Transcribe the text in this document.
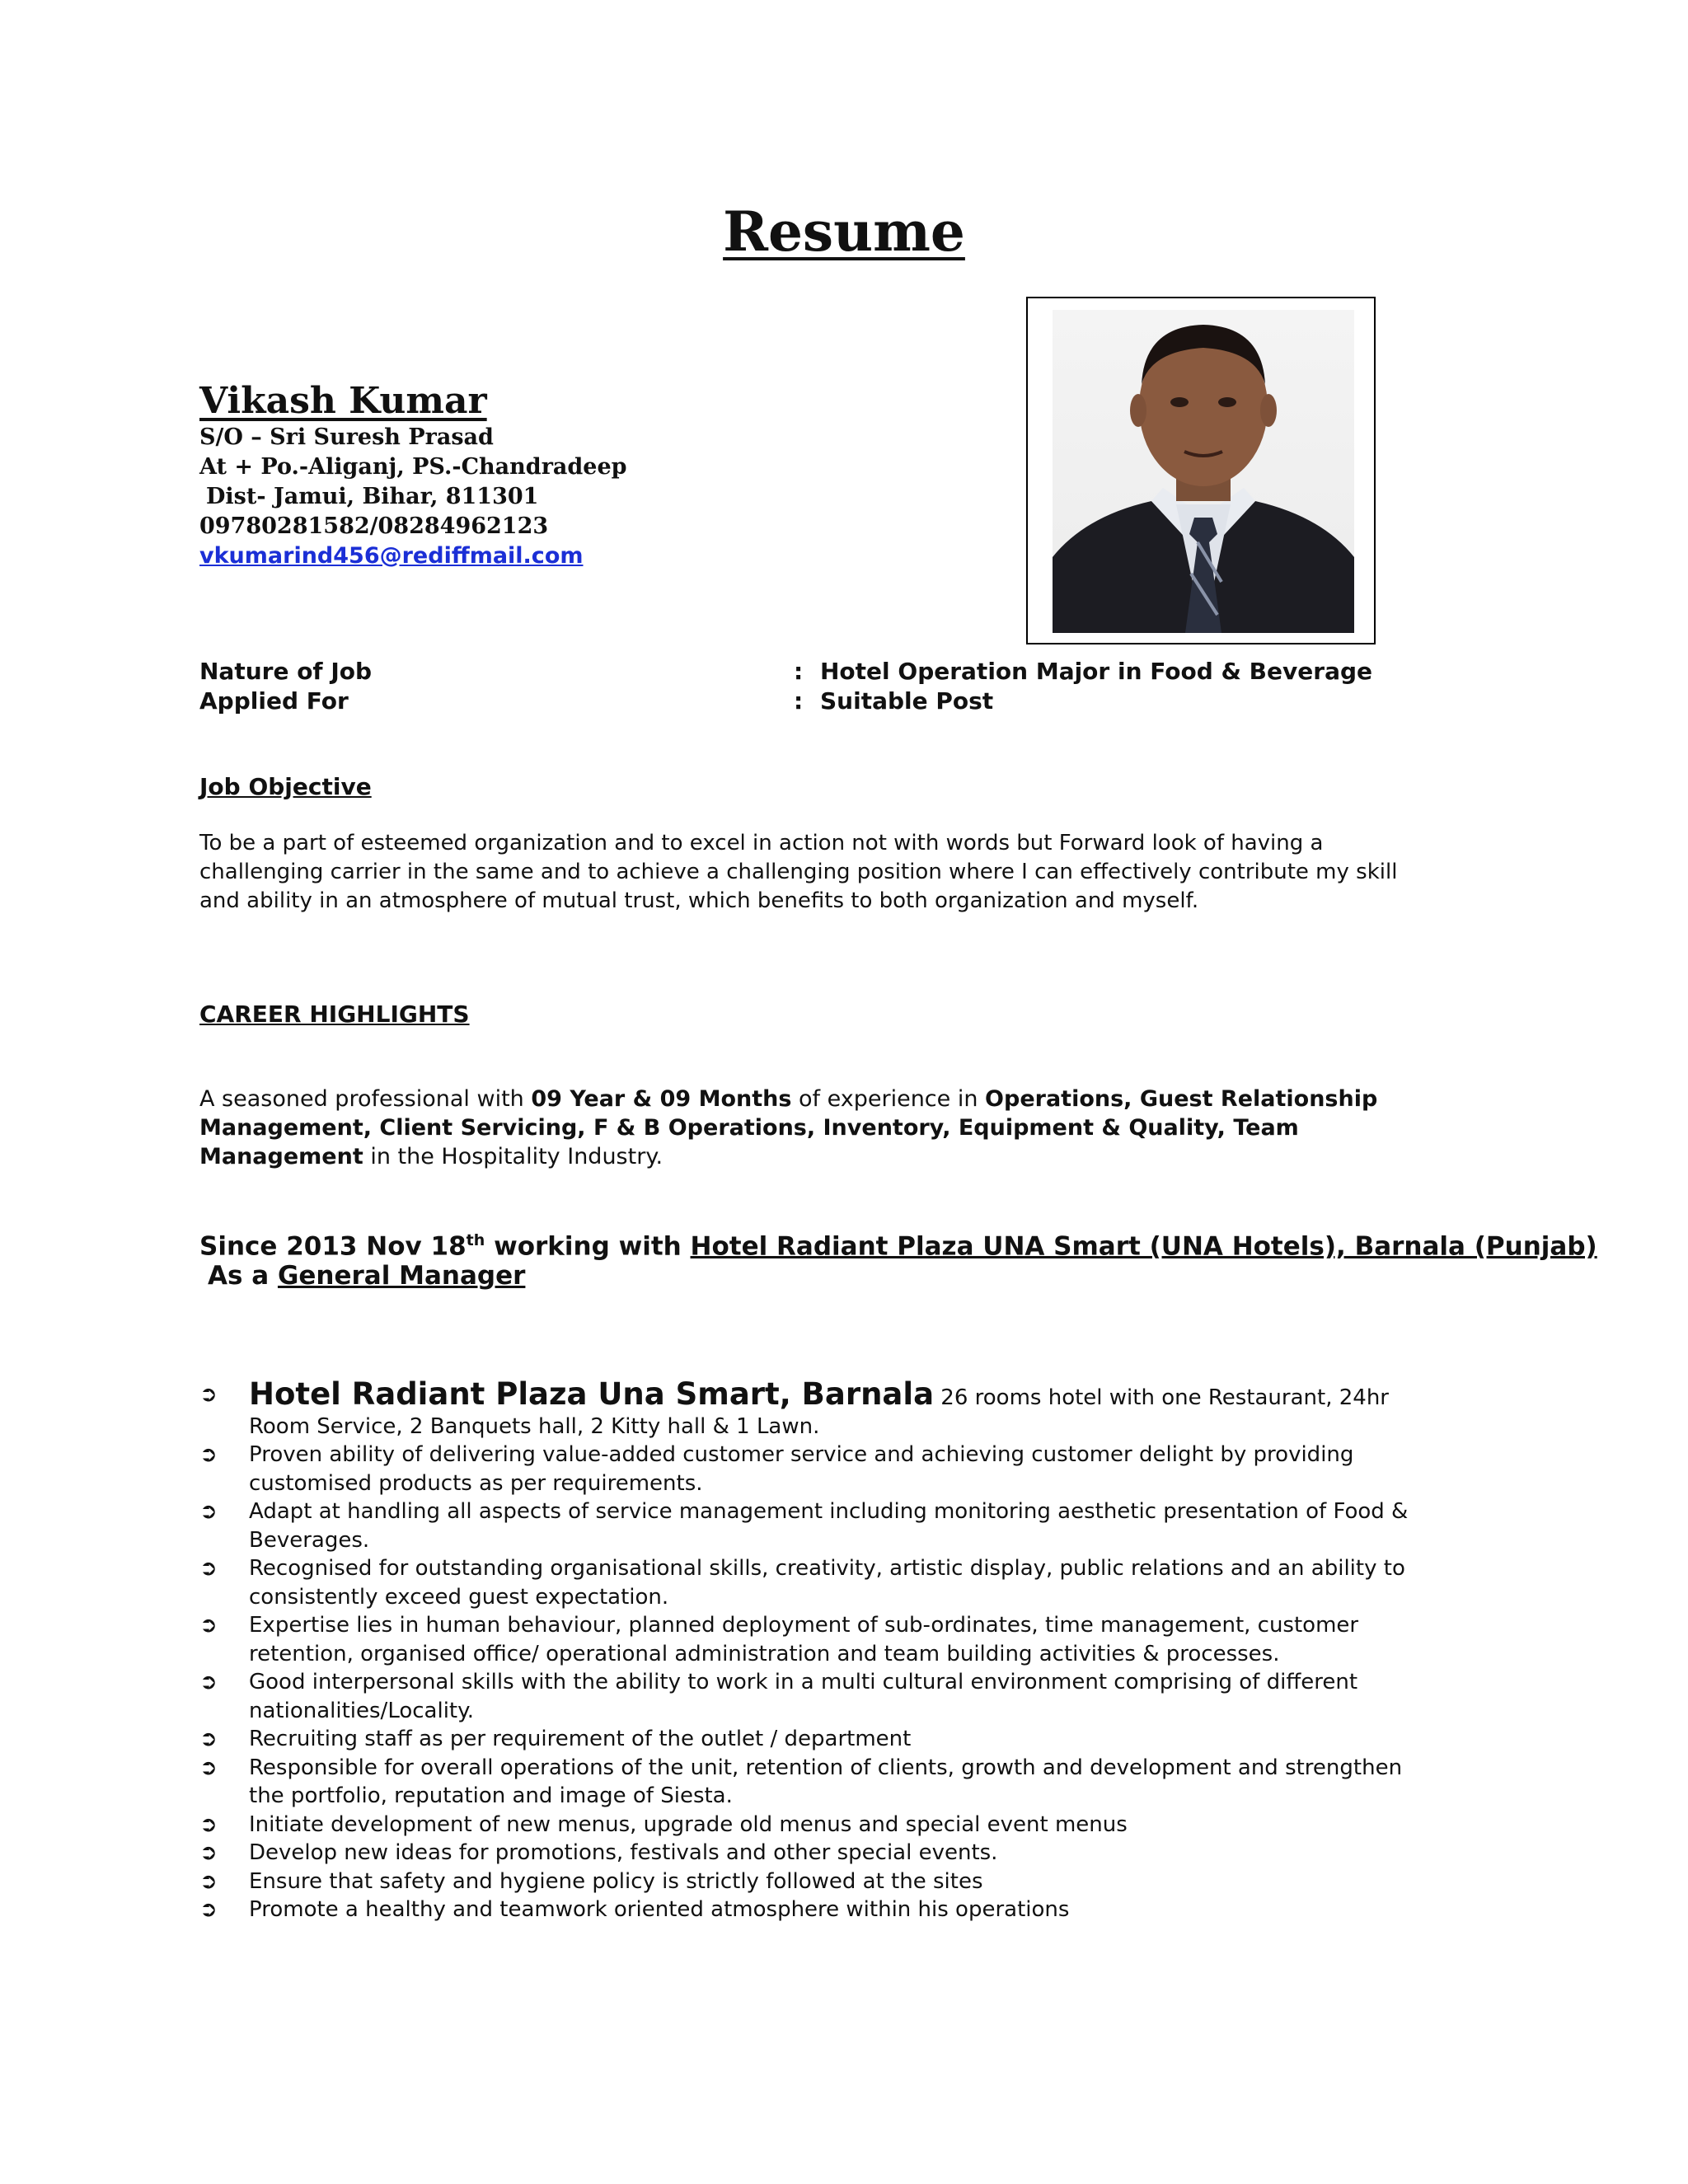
Resume
Vikash Kumar
S/O – Sri Suresh Prasad
At + Po.-Aliganj, PS.-Chandradeep
Dist- Jamui, Bihar, 811301
09780281582/08284962123
vkumarind456@rediffmail.com
Nature of Job	: Hotel Operation Major in Food & Beverage
Applied For	: Suitable Post
Job Objective
To be a part of esteemed organization and to excel in action not with words but Forward look of having a challenging carrier in the same and to achieve a challenging position where I can effectively contribute my skill and ability in an atmosphere of mutual trust, which benefits to both organization and myself.
CAREER HIGHLIGHTS
A seasoned professional with 09 Year & 09 Months of experience in Operations, Guest Relationship Management, Client Servicing, F & B Operations, Inventory, Equipment & Quality, Team Management in the Hospitality Industry.
Since 2013 Nov 18th working with Hotel Radiant Plaza UNA Smart (UNA Hotels), Barnala (Punjab)
As a General Manager
➲ Hotel Radiant Plaza Una Smart, Barnala 26 rooms hotel with one Restaurant, 24hr Room Service, 2 Banquets hall, 2 Kitty hall & 1 Lawn.
➲ Proven ability of delivering value-added customer service and achieving customer delight by providing customised products as per requirements.
➲ Adapt at handling all aspects of service management including monitoring aesthetic presentation of Food & Beverages.
➲ Recognised for outstanding organisational skills, creativity, artistic display, public relations and an ability to consistently exceed guest expectation.
➲ Expertise lies in human behaviour, planned deployment of sub-ordinates, time management, customer retention, organised office/ operational administration and team building activities & processes.
➲ Good interpersonal skills with the ability to work in a multi cultural environment comprising of different nationalities/Locality.
➲ Recruiting staff as per requirement of the outlet / department
➲ Responsible for overall operations of the unit, retention of clients, growth and development and strengthen the portfolio, reputation and image of Siesta.
➲ Initiate development of new menus, upgrade old menus and special event menus
➲ Develop new ideas for promotions, festivals and other special events.
➲ Ensure that safety and hygiene policy is strictly followed at the sites
➲ Promote a healthy and teamwork oriented atmosphere within his operations
